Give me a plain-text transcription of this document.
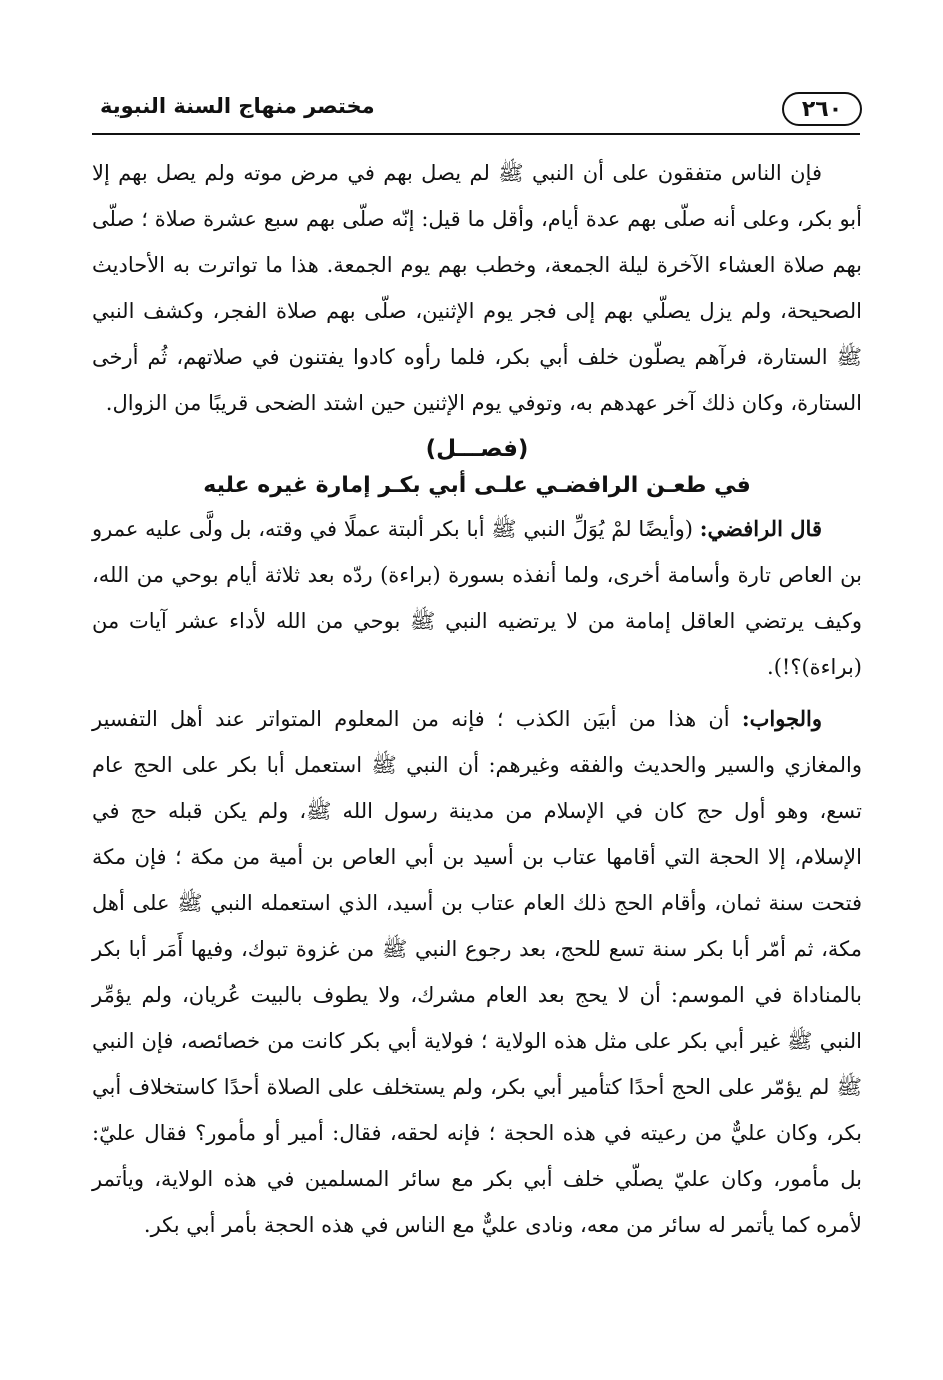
٢٦٠
مختصر منهاج السنة النبوية

فإن الناس متفقون على أن النبي ﷺ لم يصل بهم في مرض موته ولم يصل بهم إلا أبو بكر، وعلى أنه صلّى بهم عدة أيام، وأقل ما قيل: إنّه صلّى بهم سبع عشرة صلاة ؛ صلّى بهم صلاة العشاء الآخرة ليلة الجمعة، وخطب بهم يوم الجمعة. هذا ما تواترت به الأحاديث الصحيحة، ولم يزل يصلّي بهم إلى فجر يوم الإثنين، صلّى بهم صلاة الفجر، وكشف النبي ﷺ الستارة، فرآهم يصلّون خلف أبي بكر، فلما رأوه كادوا يفتنون في صلاتهم، ثُم أرخى الستارة، وكان ذلك آخر عهدهم به، وتوفي يوم الإثنين حين اشتد الضحى قريبًا من الزوال.

(فصـــل)
في طعـن الرافضـي علـى أبي بكـر إمارة غيره عليه

قال الرافضي: (وأيضًا لمْ يُوَلِّ النبي ﷺ أبا بكر ألبتة عملًا في وقته، بل ولَّى عليه عمرو بن العاص تارة وأسامة أخرى، ولما أنفذه بسورة (براءة) ردّه بعد ثلاثة أيام بوحي من الله، وكيف يرتضي العاقل إمامة من لا يرتضيه النبي ﷺ بوحي من الله لأداء عشر آيات من (براءة)؟!).

والجواب: أن هذا من أبيَن الكذب ؛ فإنه من المعلوم المتواتر عند أهل التفسير والمغازي والسير والحديث والفقه وغيرهم: أن النبي ﷺ استعمل أبا بكر على الحج عام تسع، وهو أول حج كان في الإسلام من مدينة رسول الله ﷺ، ولم يكن قبله حج في الإسلام، إلا الحجة التي أقامها عتاب بن أسيد بن أبي العاص بن أمية من مكة ؛ فإن مكة فتحت سنة ثمان، وأقام الحج ذلك العام عتاب بن أسيد، الذي استعمله النبي ﷺ على أهل مكة، ثم أمّر أبا بكر سنة تسع للحج، بعد رجوع النبي ﷺ من غزوة تبوك، وفيها أَمَر أبا بكر بالمناداة في الموسم: أن لا يحج بعد العام مشرك، ولا يطوف بالبيت عُريان، ولم يؤمِّر النبي ﷺ غير أبي بكر على مثل هذه الولاية ؛ فولاية أبي بكر كانت من خصائصه، فإن النبي ﷺ لم يؤمّر على الحج أحدًا كتأمير أبي بكر، ولم يستخلف على الصلاة أحدًا كاستخلاف أبي بكر، وكان عليٌّ من رعيته في هذه الحجة ؛ فإنه لحقه، فقال: أمير أو مأمور؟ فقال عليّ: بل مأمور، وكان عليّ يصلّي خلف أبي بكر مع سائر المسلمين في هذه الولاية، ويأتمر لأمره كما يأتمر له سائر من معه، ونادى عليٌّ مع الناس في هذه الحجة بأمر أبي بكر.
